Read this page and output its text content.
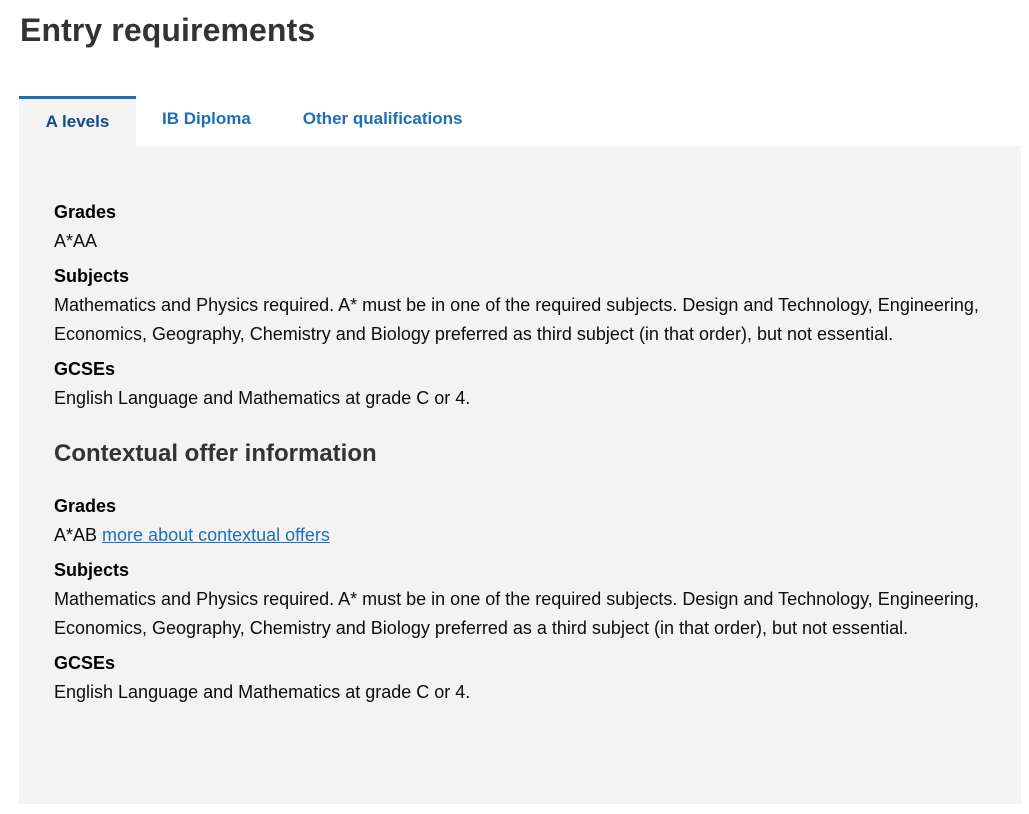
Entry requirements
A levels	IB Diploma	Other qualifications

Grades

A*AA

Subjects

Mathematics and Physics required. A* must be in one of the required subjects. Design and Technology, Engineering, Economics, Geography, Chemistry and Biology preferred as third subject (in that order), but not essential.

GCSEs

English Language and Mathematics at grade C or 4.

Contextual offer information

Grades

A*AB more about contextual offers

Subjects

Mathematics and Physics required. A* must be in one of the required subjects. Design and Technology, Engineering, Economics, Geography, Chemistry and Biology preferred as a third subject (in that order), but not essential.

GCSEs

English Language and Mathematics at grade C or 4.
